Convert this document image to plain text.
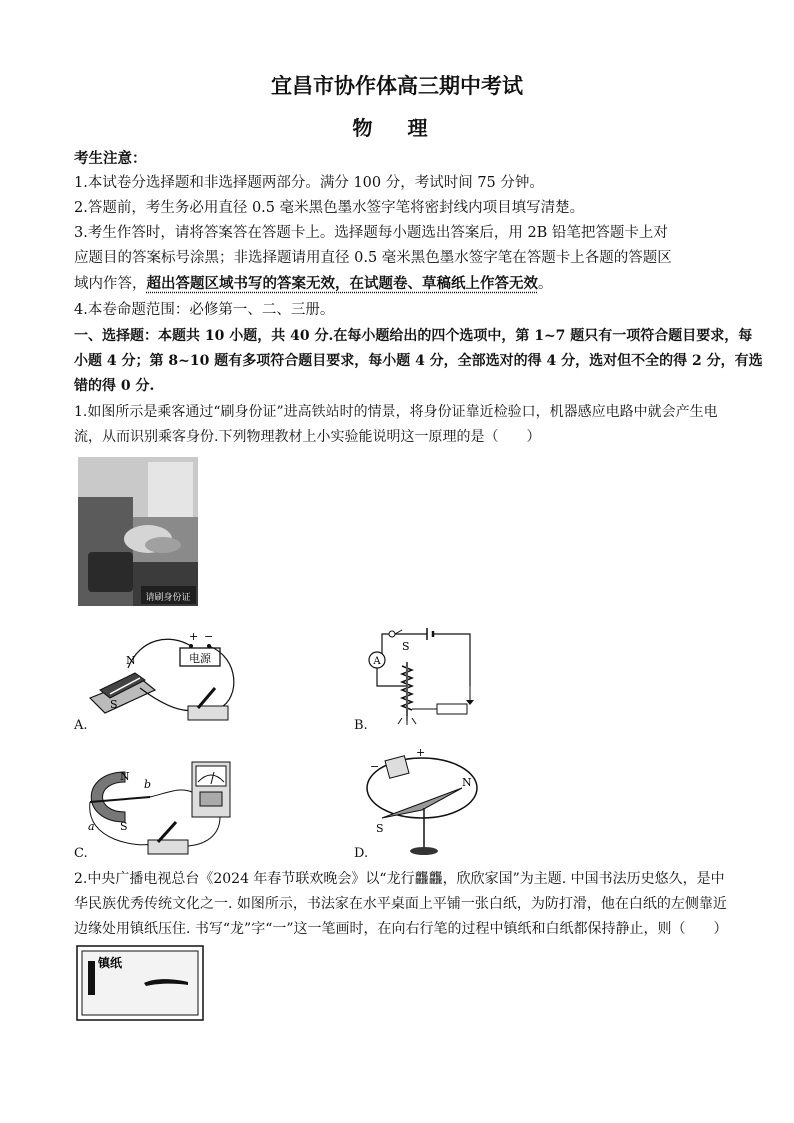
宜昌市协作体高三期中考试
物 理
考生注意：
1.本试卷分选择题和非选择题两部分。满分 100 分，考试时间 75 分钟。
2.答题前，考生务必用直径 0.5 毫米黑色墨水签字笔将密封线内项目填写清楚。
3.考生作答时，请将答案答在答题卡上。选择题每小题选出答案后，用 2B 铅笔把答题卡上对
应题目的答案标号涂黑；非选择题请用直径 0.5 毫米黑色墨水签字笔在答题卡上各题的答题区
域内作答，超出答题区域书写的答案无效，在试题卷、草稿纸上作答无效。
4.本卷命题范围：必修第一、二、三册。
一、选择题：本题共 10 小题，共 40 分.在每小题给出的四个选项中，第 1~7 题只有一项符合题目要求，每
小题 4 分；第 8~10 题有多项符合题目要求，每小题 4 分，全部选对的得 4 分，选对但不全的得 2 分，有选
错的得 0 分.
1.如图所示是乘客通过“刷身份证”进高铁站时的情景，将身份证靠近检验口，机器感应电路中就会产生电
流，从而识别乘客身份.下列物理教材上小实验能说明这一原理的是（　　）
请刷身份证
电源
+ −
N
S
A.
S
A
B.
N
S
a
b
C.
+
−
N
S
D.
2.中央广播电视总台《2024 年春节联欢晚会》以“龙行龘龘，欣欣家国”为主题. 中国书法历史悠久，是中
华民族优秀传统文化之一. 如图所示，书法家在水平桌面上平铺一张白纸，为防打滑，他在白纸的左侧靠近
边缘处用镇纸压住. 书写“龙”字“一”这一笔画时，在向右行笔的过程中镇纸和白纸都保持静止，则（　　）
镇纸
